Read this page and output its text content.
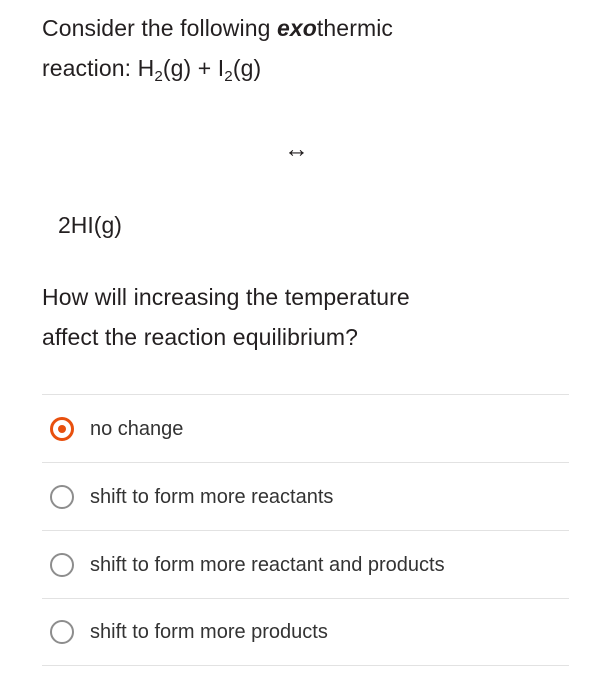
Consider the following exothermic
reaction: $H_2(g) + I_2(g)$
↔
2HI(g)
How will increasing the temperature
affect the reaction equilibrium?
no change
shift to form more reactants
shift to form more reactant and products
shift to form more products
